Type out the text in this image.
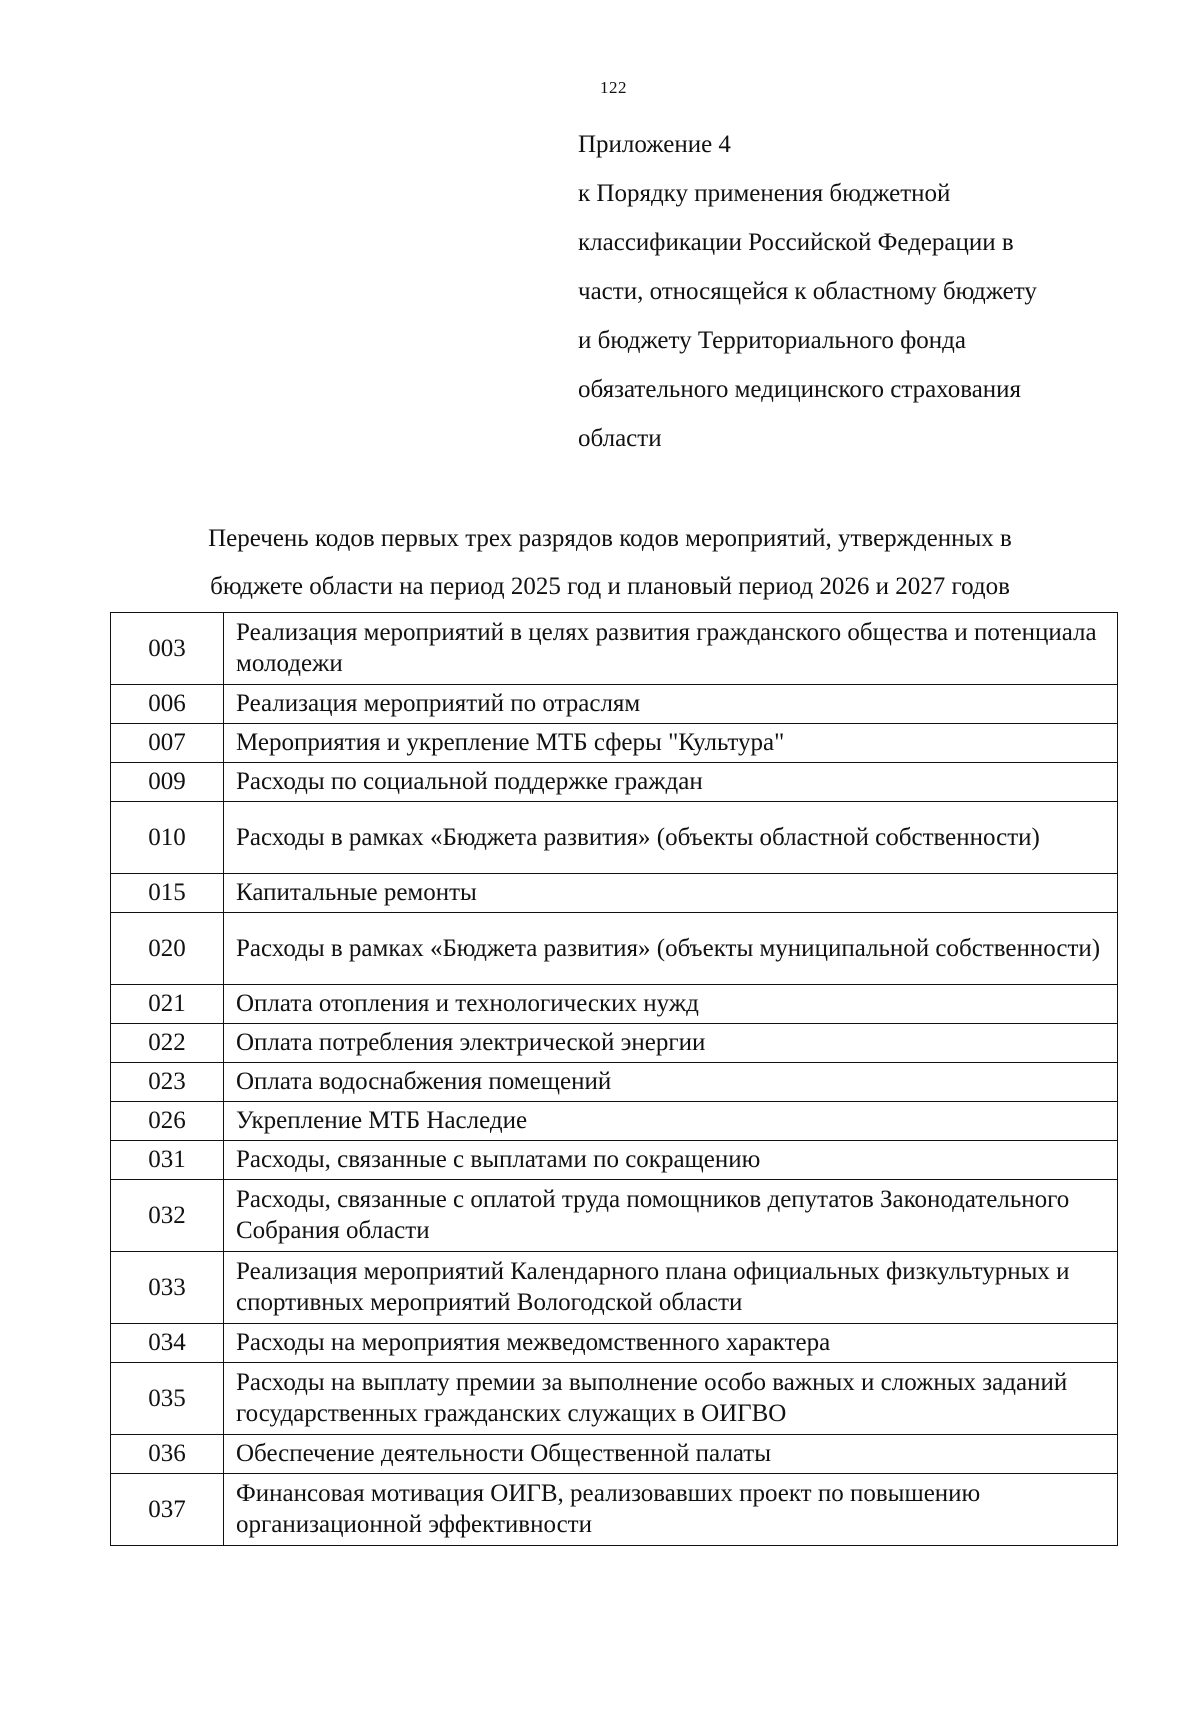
122
Приложение 4
к Порядку применения бюджетной
классификации Российской Федерации в
части, относящейся к областному бюджету
и бюджету Территориального фонда
обязательного медицинского страхования
области
Перечень кодов первых трех разрядов кодов мероприятий, утвержденных в
бюджете области на период 2025 год и плановый период 2026 и 2027 годов
003	Реализация мероприятий в целях развития гражданского общества и потенциала молодежи
006	Реализация мероприятий по отраслям
007	Мероприятия и укрепление МТБ сферы "Культура"
009	Расходы по социальной поддержке граждан
010	Расходы в рамках «Бюджета развития» (объекты областной собственности)
015	Капитальные ремонты
020	Расходы в рамках «Бюджета развития» (объекты муниципальной собственности)
021	Оплата отопления и технологических нужд
022	Оплата потребления электрической энергии
023	Оплата водоснабжения помещений
026	Укрепление МТБ Наследие
031	Расходы, связанные с выплатами по сокращению
032	Расходы, связанные с оплатой труда помощников депутатов Законодательного Собрания области
033	Реализация мероприятий Календарного плана официальных физкультурных и спортивных мероприятий Вологодской области
034	Расходы на мероприятия межведомственного характера
035	Расходы на выплату премии за выполнение особо важных и сложных заданий государственных гражданских служащих в ОИГВО
036	Обеспечение деятельности Общественной палаты
037	Финансовая мотивация ОИГВ, реализовавших проект по повышению организационной эффективности
